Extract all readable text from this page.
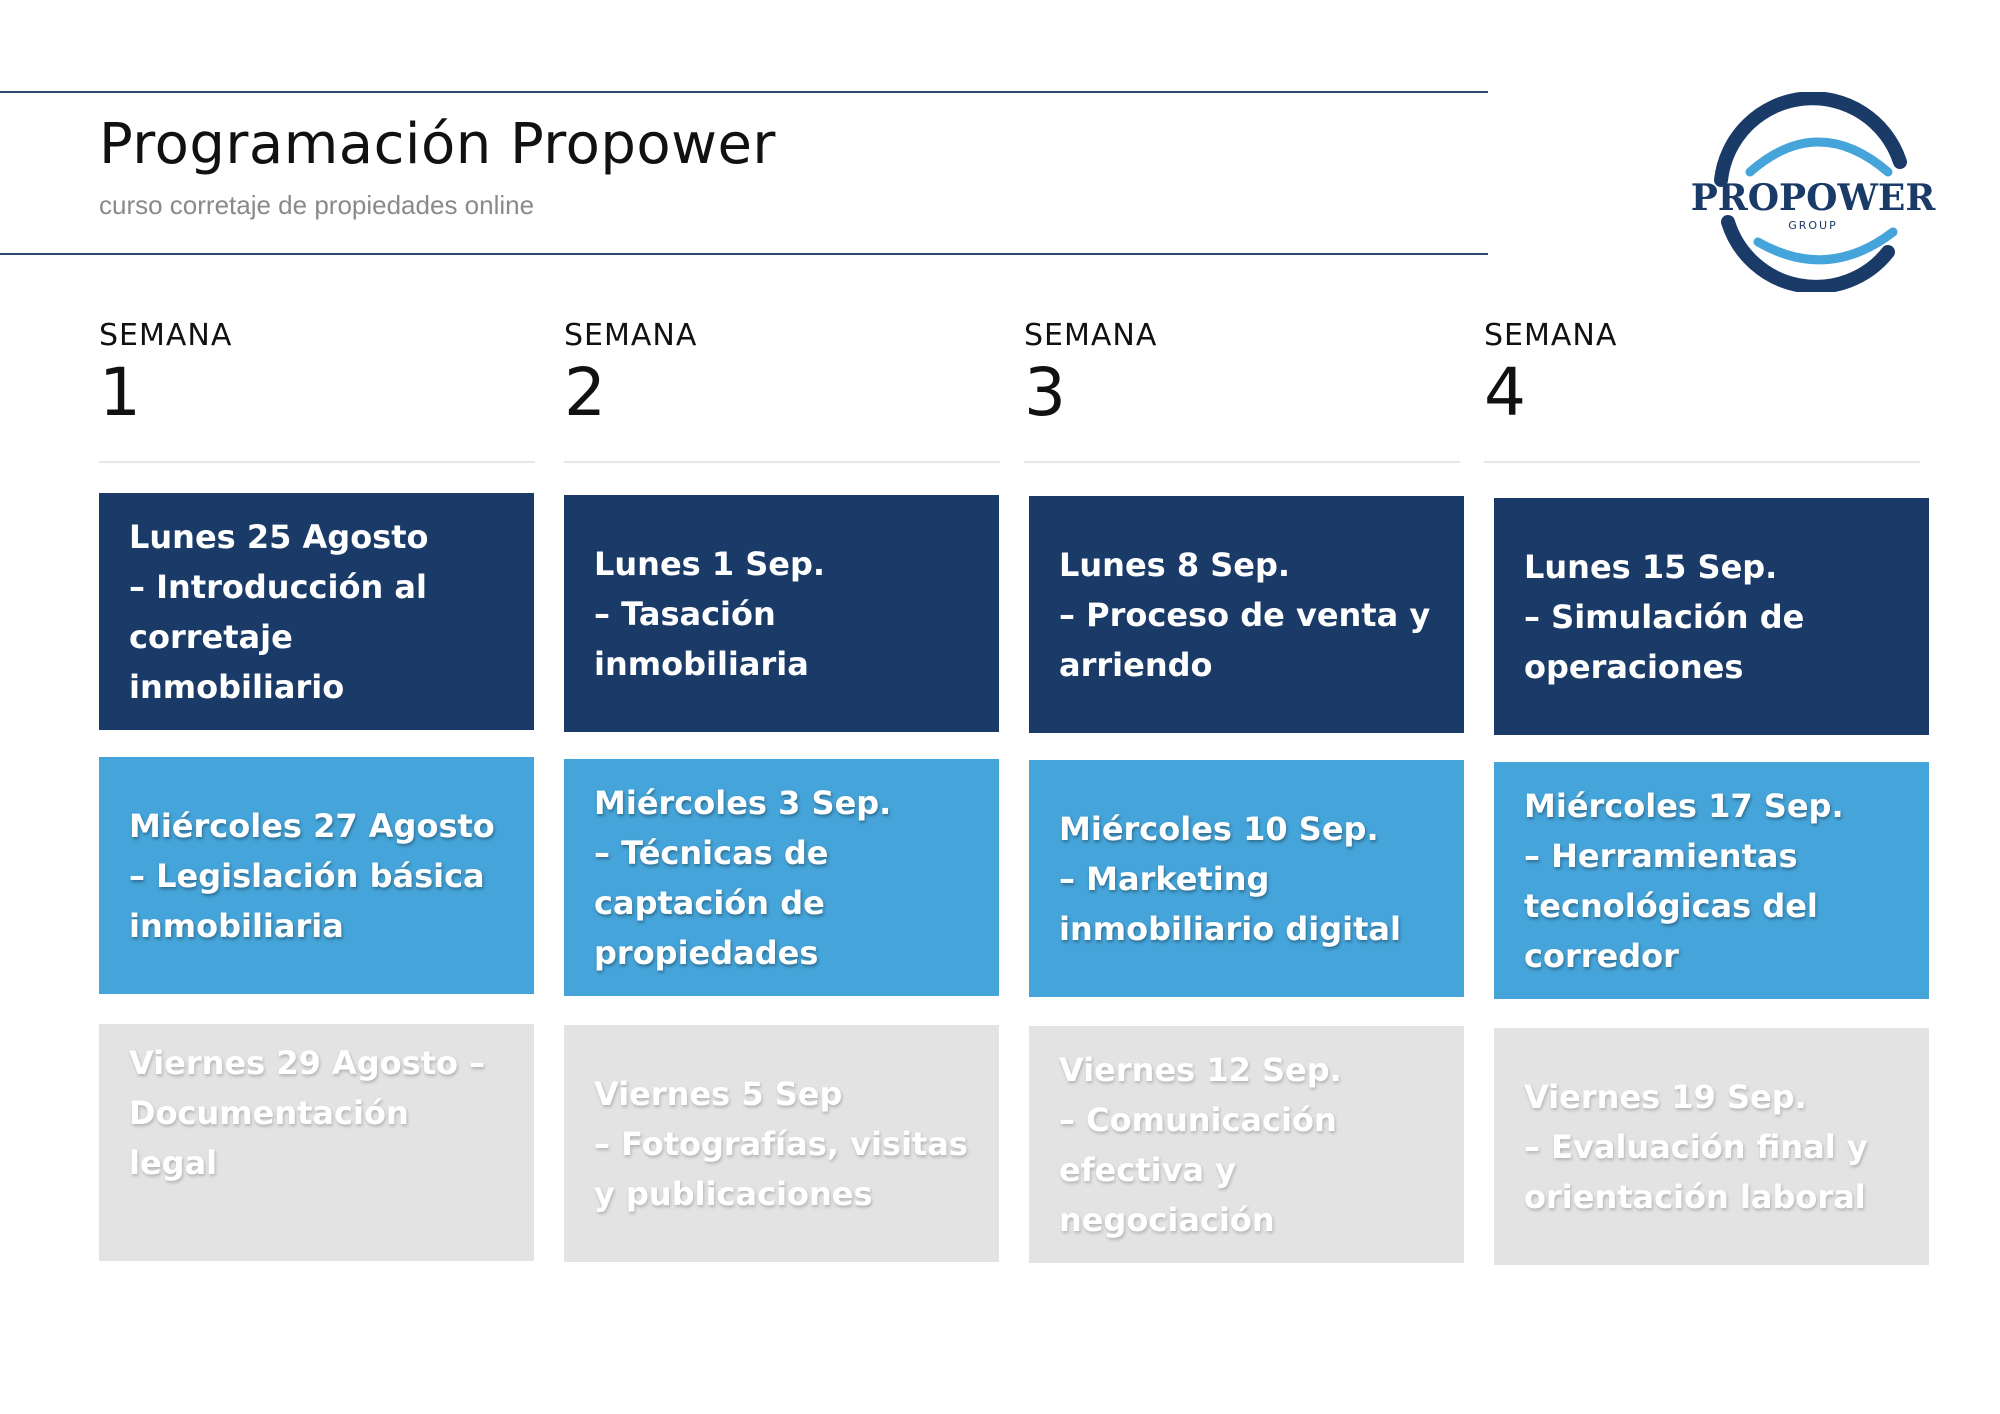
Programación Propower
curso corretaje de propiedades online	PROPOWER
GROUP
SEMANA
1
SEMANA
2
SEMANA
3
SEMANA
4
Lunes 25 Agosto
– Introducción al corretaje inmobiliario
Miércoles 27 Agosto
– Legislación básica inmobiliaria
Viernes 29 Agosto – Documentación legal
Lunes 1 Sep.
– Tasación inmobiliaria
Miércoles 3 Sep.
– Técnicas de captación de propiedades
Viernes 5 Sep
– Fotografías, visitas y publicaciones
Lunes 8 Sep.
– Proceso de venta y arriendo
Miércoles 10 Sep.
– Marketing inmobiliario digital
Viernes 12 Sep.
– Comunicación efectiva y negociación
Lunes 15 Sep.
– Simulación de operaciones
Miércoles 17 Sep.
– Herramientas tecnológicas del corredor
Viernes 19 Sep.
– Evaluación final y orientación laboral
